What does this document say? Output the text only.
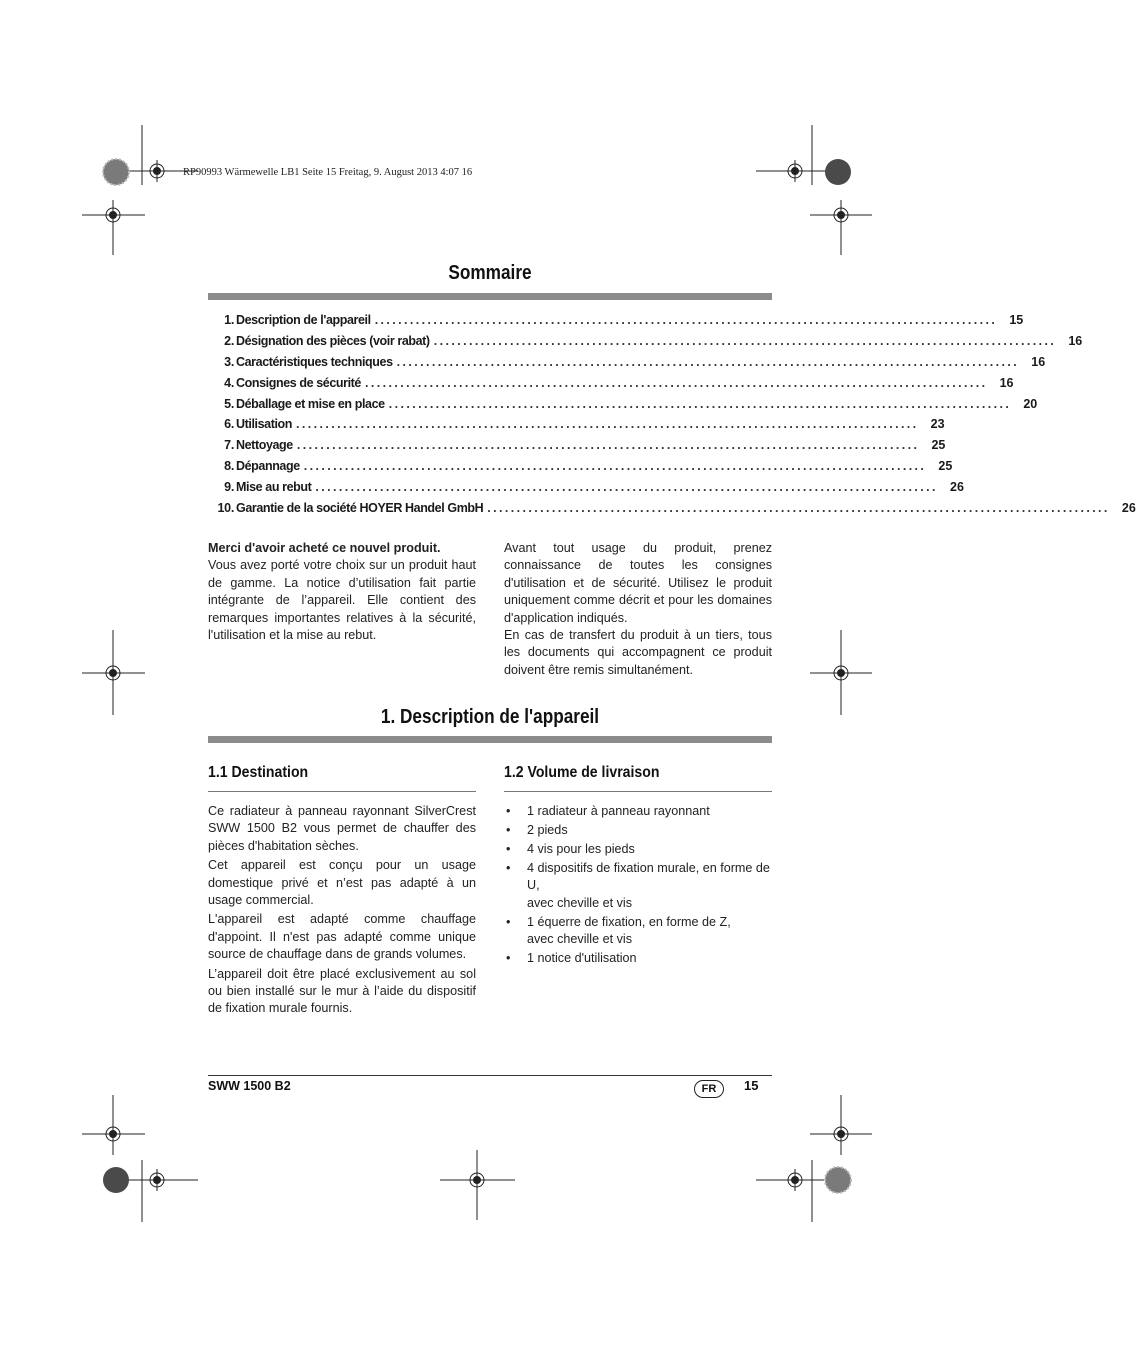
RP90993 Wärmewelle LB1 Seite 15 Freitag, 9. August 2013 4:07 16
Sommaire
1. Description de l'appareil .......................................................................................................... 15
2. Désignation des pièces (voir rabat) .......................................................................................................... 16
3. Caractéristiques techniques .......................................................................................................... 16
4. Consignes de sécurité .......................................................................................................... 16
5. Déballage et mise en place .......................................................................................................... 20
6. Utilisation .......................................................................................................... 23
7. Nettoyage .......................................................................................................... 25
8. Dépannage .......................................................................................................... 25
9. Mise au rebut .......................................................................................................... 26
10. Garantie de la société HOYER Handel GmbH .......................................................................................................... 26

Merci d'avoir acheté ce nouvel produit.

Vous avez porté votre choix sur un produit haut de gamme. La notice d’utilisation fait partie intégrante de l’appareil. Elle contient des remarques importantes relatives à la sécurité, l'utilisation et la mise au rebut.

Avant tout usage du produit, prenez connaissance de toutes les consignes d'utilisation et de sécurité. Utilisez le produit uniquement comme décrit et pour les domaines d'application indiqués.

En cas de transfert du produit à un tiers, tous les documents qui accompagnent ce produit doivent être remis simultanément.

1. Description de l'appareil
1.1 Destination

Ce radiateur à panneau rayonnant SilverCrest SWW 1500 B2 vous permet de chauffer des pièces d'habitation sèches.

Cet appareil est conçu pour un usage domestique privé et n’est pas adapté à un usage commercial.

L'appareil est adapté comme chauffage d'appoint. Il n'est pas adapté comme unique source de chauffage dans de grands volumes.

L’appareil doit être placé exclusivement au sol ou bien installé sur le mur à l’aide du dispositif de fixation murale fournis.

1.2 Volume de livraison
• 1 radiateur à panneau rayonnant
• 2 pieds
• 4 vis pour les pieds
• 4 dispositifs de fixation murale, en forme de U,
avec cheville et vis
• 1 équerre de fixation, en forme de Z,
avec cheville et vis
• 1 notice d'utilisation
SWW 1500 B2	FR	15
